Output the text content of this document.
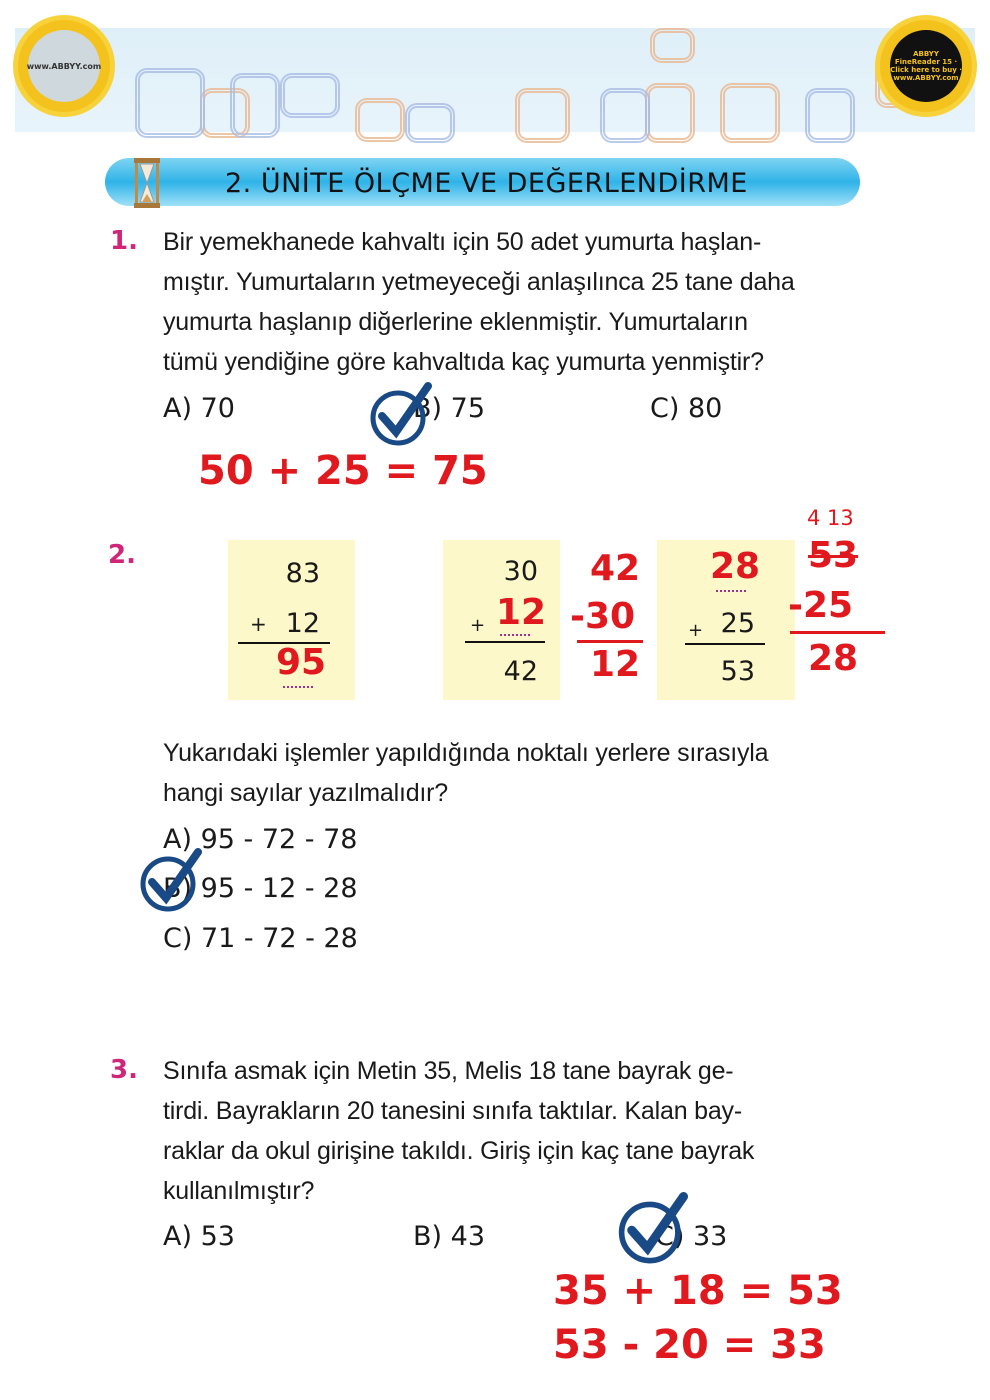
www.ABBYY.com
ABBYY FineReader 15 · Click here to buy · www.ABBYY.com
2. ÜNİTE ÖLÇME VE DEĞERLENDİRME
1. Bir yemekhanede kahvaltı için 50 adet yumurta haşlan-
mıştır. Yumurtaların yetmeyeceği anlaşılınca 25 tane daha
yumurta haşlanıp diğerlerine eklenmiştir. Yumurtaların
tümü yendiğine göre kahvaltıda kaç yumurta yenmiştir?
A) 70	B) 75	C) 80
50 + 25 = 75
2.
83
+ 12
95
30
+ 12
42
42
-30
12
28
+ 25
53
4 13
53
-25
28
Yukarıdaki işlemler yapıldığında noktalı yerlere sırasıyla
hangi sayılar yazılmalıdır?
A) 95 - 72 - 78
B) 95 - 12 - 28
C) 71 - 72 - 28
3. Sınıfa asmak için Metin 35, Melis 18 tane bayrak ge-
tirdi. Bayrakların 20 tanesini sınıfa taktılar. Kalan bay-
raklar da okul girişine takıldı. Giriş için kaç tane bayrak
kullanılmıştır?
A) 53	B) 43	C) 33
35 + 18 = 53
53 - 20 = 33
